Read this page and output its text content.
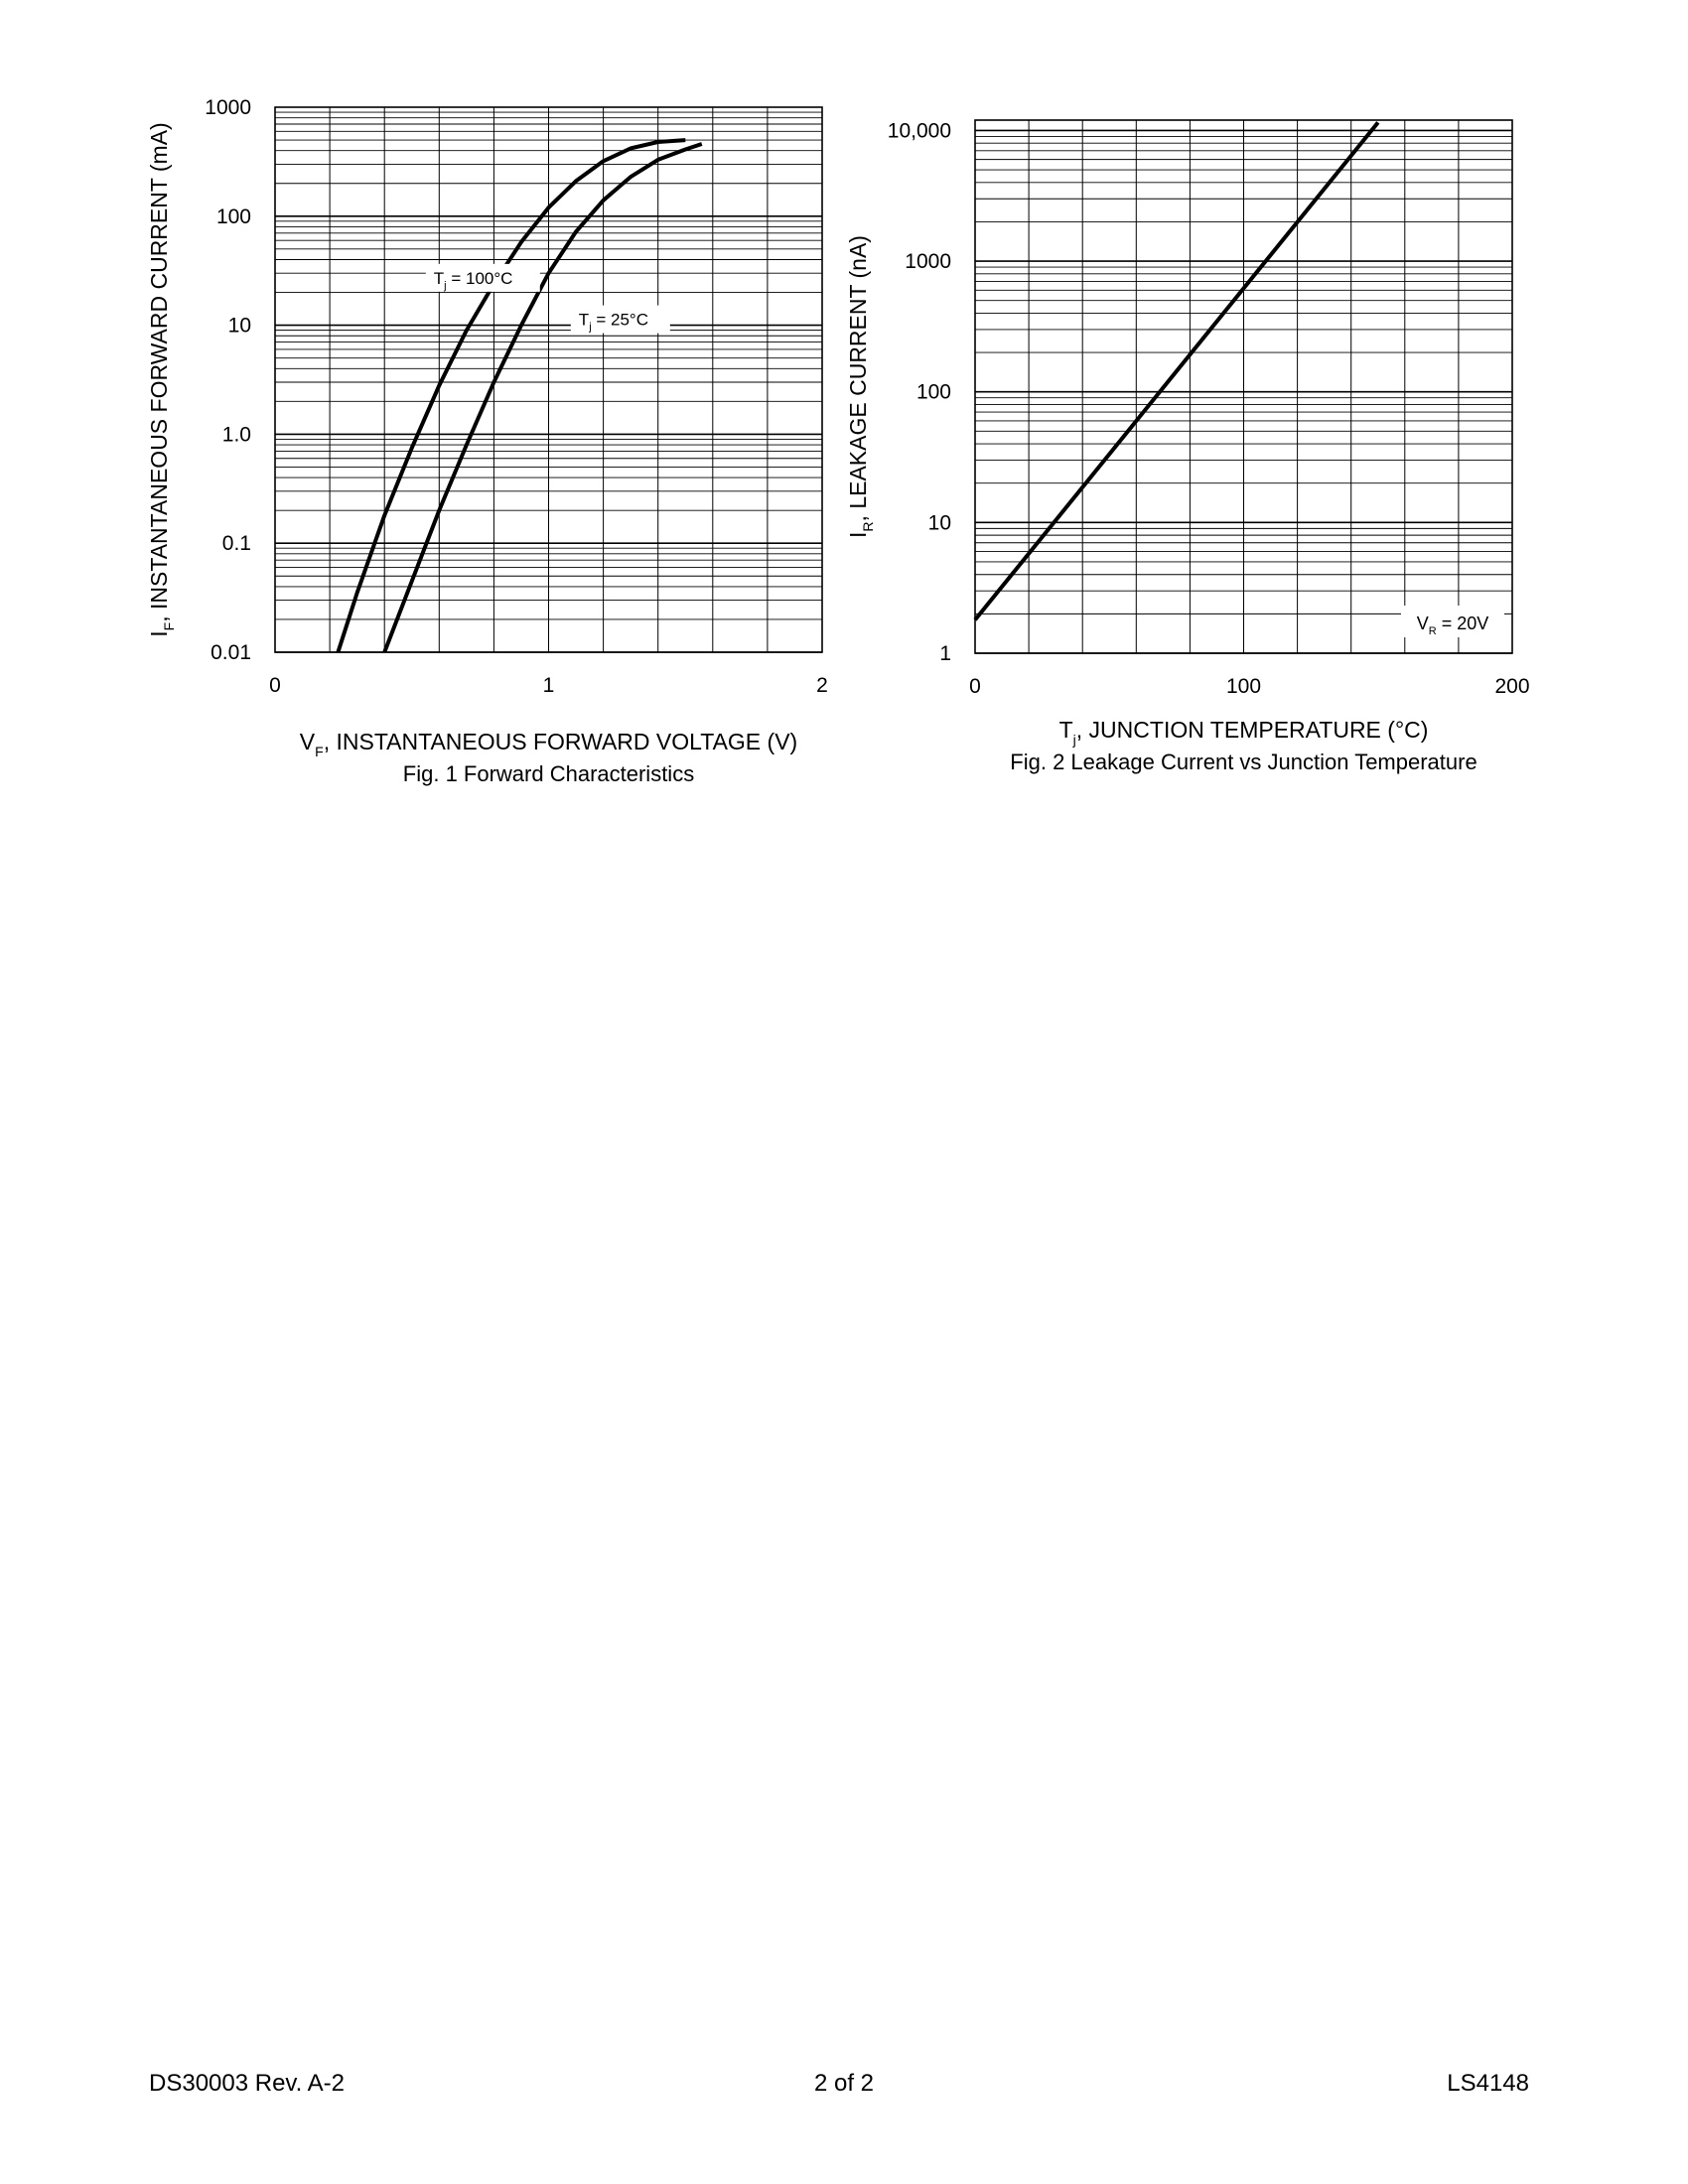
1000
100
10
1.0
0.1
0.01
0	1	2
$V_F$, INSTANTANEOUS FORWARD VOLTAGE (V)
$I_F$, INSTANTANEOUS FORWARD CURRENT (mA)
Fig. 1 Forward Characteristics
$T_j = 100^\circ C$
$T_j = 25^\circ C$
10,000
1000
100
10
1
0	100	200
$T_j$, JUNCTION TEMPERATURE (°C)
$I_R$, LEAKAGE CURRENT (nA)
Fig. 2 Leakage Current vs Junction Temperature
$V_R = 20V$
DS30003 Rev. A-2	2 of 2	LS4148
